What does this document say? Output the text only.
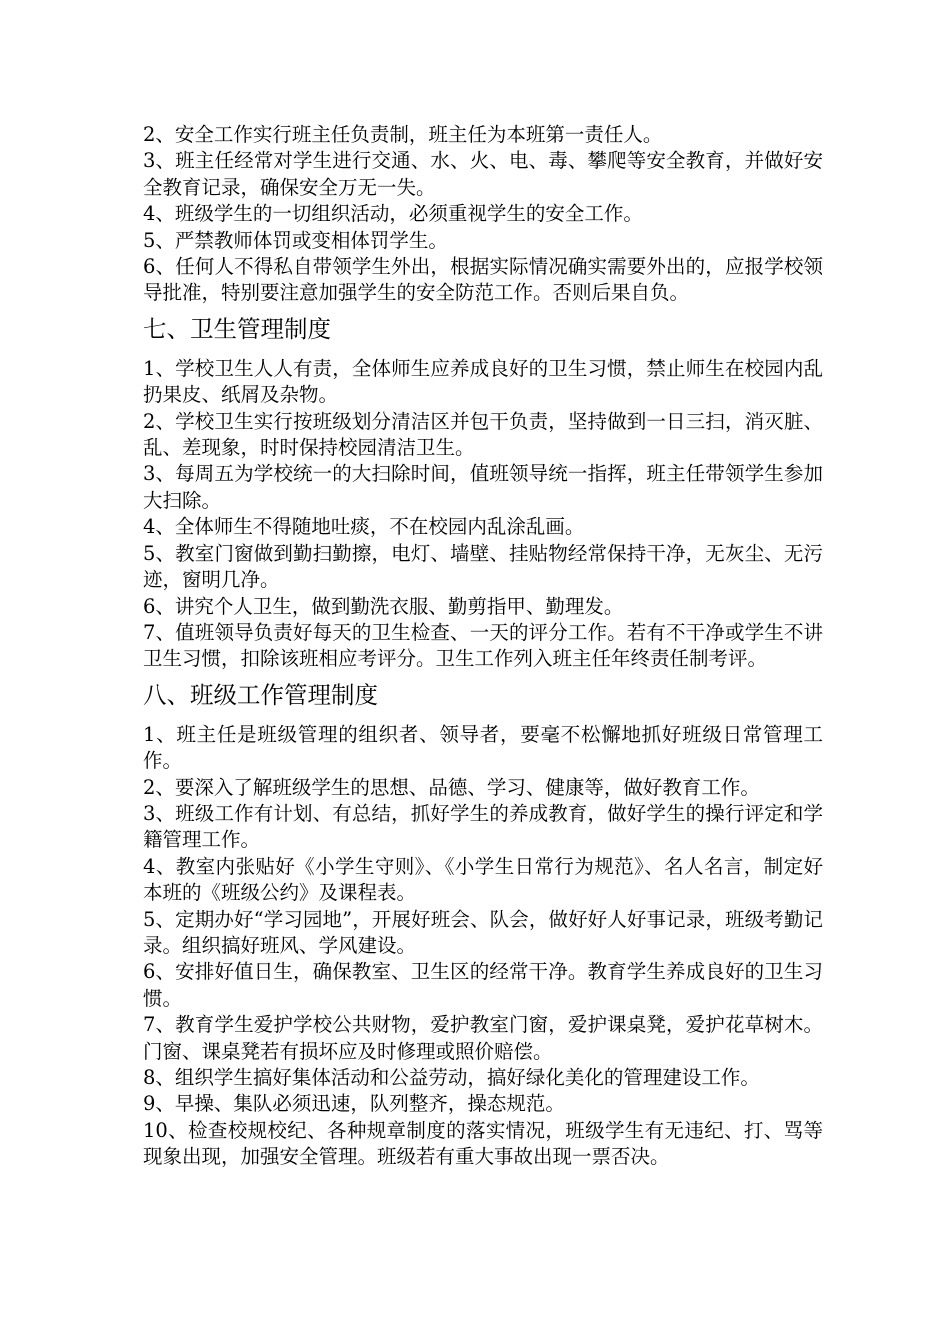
2、安全工作实行班主任负责制，班主任为本班第一责任人。

3、班主任经常对学生进行交通、水、火、电、毒、攀爬等安全教育，并做好安全教育记录，确保安全万无一失。

4、班级学生的一切组织活动，必须重视学生的安全工作。

5、严禁教师体罚或变相体罚学生。

6、任何人不得私自带领学生外出，根据实际情况确实需要外出的，应报学校领导批准，特别要注意加强学生的安全防范工作。否则后果自负。

七、卫生管理制度

1、学校卫生人人有责，全体师生应养成良好的卫生习惯，禁止师生在校园内乱扔果皮、纸屑及杂物。

2、学校卫生实行按班级划分清洁区并包干负责，坚持做到一日三扫，消灭脏、乱、差现象，时时保持校园清洁卫生。

3、每周五为学校统一的大扫除时间，值班领导统一指挥，班主任带领学生参加大扫除。

4、全体师生不得随地吐痰，不在校园内乱涂乱画。

5、教室门窗做到勤扫勤擦，电灯、墙壁、挂贴物经常保持干净，无灰尘、无污迹，窗明几净。

6、讲究个人卫生，做到勤洗衣服、勤剪指甲、勤理发。

7、值班领导负责好每天的卫生检查、一天的评分工作。若有不干净或学生不讲卫生习惯，扣除该班相应考评分。卫生工作列入班主任年终责任制考评。

八、班级工作管理制度

1、班主任是班级管理的组织者、领导者，要毫不松懈地抓好班级日常管理工作。

2、要深入了解班级学生的思想、品德、学习、健康等，做好教育工作。

3、班级工作有计划、有总结，抓好学生的养成教育，做好学生的操行评定和学籍管理工作。

4、教室内张贴好《小学生守则》、《小学生日常行为规范》、名人名言，制定好本班的《班级公约》及课程表。

5、定期办好“学习园地”，开展好班会、队会，做好好人好事记录，班级考勤记录。组织搞好班风、学风建设。

6、安排好值日生，确保教室、卫生区的经常干净。教育学生养成良好的卫生习惯。

7、教育学生爱护学校公共财物，爱护教室门窗，爱护课桌凳，爱护花草树木。门窗、课桌凳若有损坏应及时修理或照价赔偿。

8、组织学生搞好集体活动和公益劳动，搞好绿化美化的管理建设工作。

9、早操、集队必须迅速，队列整齐，操态规范。

10、检查校规校纪、各种规章制度的落实情况，班级学生有无违纪、打、骂等现象出现，加强安全管理。班级若有重大事故出现一票否决。
